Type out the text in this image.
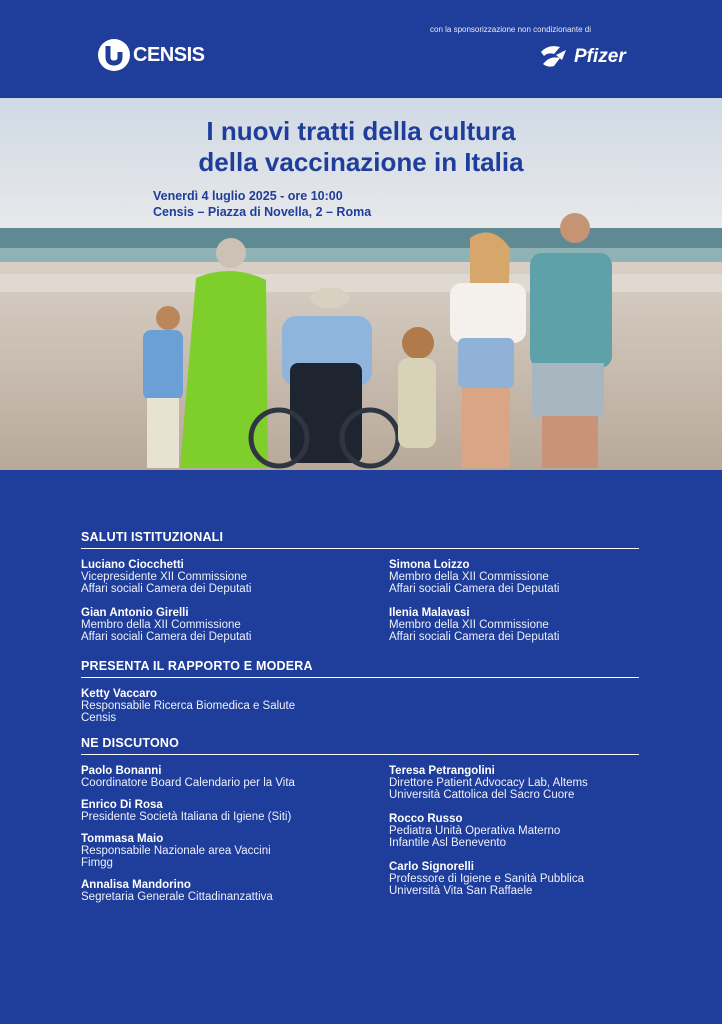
CENSIS
con la sponsorizzazione non condizionante di
Pfizer
I nuovi tratti della cultura
della vaccinazione in Italia
Venerdì 4 luglio 2025 - ore 10:00
Censis – Piazza di Novella, 2 – Roma
SALUTI ISTITUZIONALI
Luciano Ciocchetti
Vicepresidente XII Commissione
Affari sociali Camera dei Deputati
Gian Antonio Girelli
Membro della XII Commissione
Affari sociali Camera dei Deputati
Simona Loizzo
Membro della XII Commissione
Affari sociali Camera dei Deputati
Ilenia Malavasi
Membro della XII Commissione
Affari sociali Camera dei Deputati
PRESENTA IL RAPPORTO E MODERA
Ketty Vaccaro
Responsabile Ricerca Biomedica e Salute
Censis
NE DISCUTONO
Paolo Bonanni
Coordinatore Board Calendario per la Vita
Enrico Di Rosa
Presidente Società Italiana di Igiene (Siti)
Tommasa Maio
Responsabile Nazionale area Vaccini
Fimgg
Annalisa Mandorino
Segretaria Generale Cittadinanzattiva
Teresa Petrangolini
Direttore Patient Advocacy Lab, Altems
Università Cattolica del Sacro Cuore
Rocco Russo
Pediatra Unità Operativa Materno
Infantile Asl Benevento
Carlo Signorelli
Professore di Igiene e Sanità Pubblica
Università Vita San Raffaele
